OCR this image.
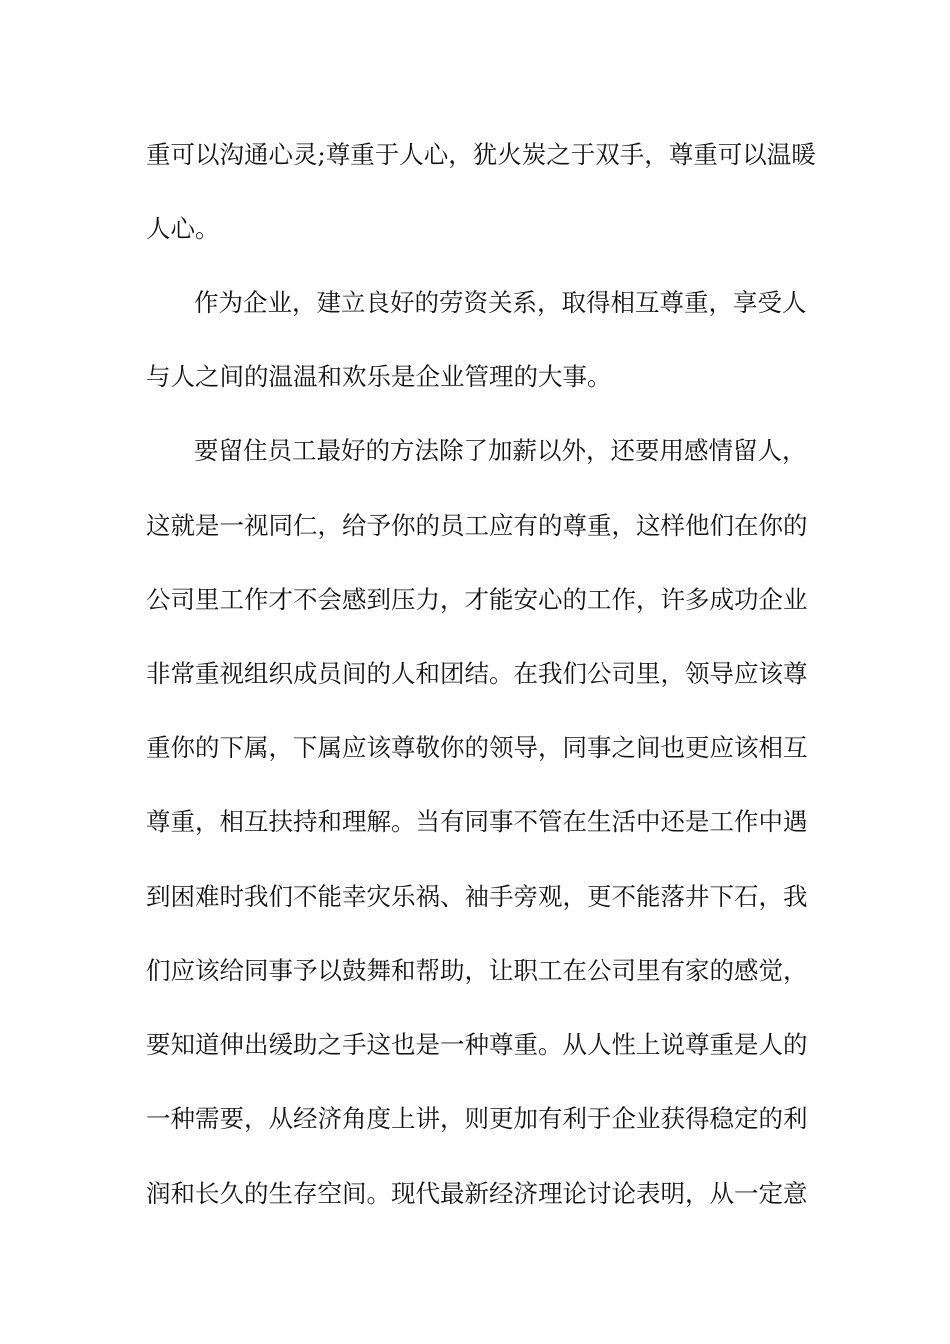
重可以沟通心灵;尊重于人心，犹火炭之于双手，尊重可以温暖
人心。
作为企业，建立良好的劳资关系，取得相互尊重，享受人
与人之间的温温和欢乐是企业管理的大事。
要留住员工最好的方法除了加薪以外，还要用感情留人，
这就是一视同仁，给予你的员工应有的尊重，这样他们在你的
公司里工作才不会感到压力，才能安心的工作，许多成功企业
非常重视组织成员间的人和团结。在我们公司里，领导应该尊
重你的下属，下属应该尊敬你的领导，同事之间也更应该相互
尊重，相互扶持和理解。当有同事不管在生活中还是工作中遇
到困难时我们不能幸灾乐祸、袖手旁观，更不能落井下石，我
们应该给同事予以鼓舞和帮助，让职工在公司里有家的感觉，
要知道伸出缓助之手这也是一种尊重。从人性上说尊重是人的
一种需要，从经济角度上讲，则更加有利于企业获得稳定的利
润和长久的生存空间。现代最新经济理论讨论表明，从一定意
